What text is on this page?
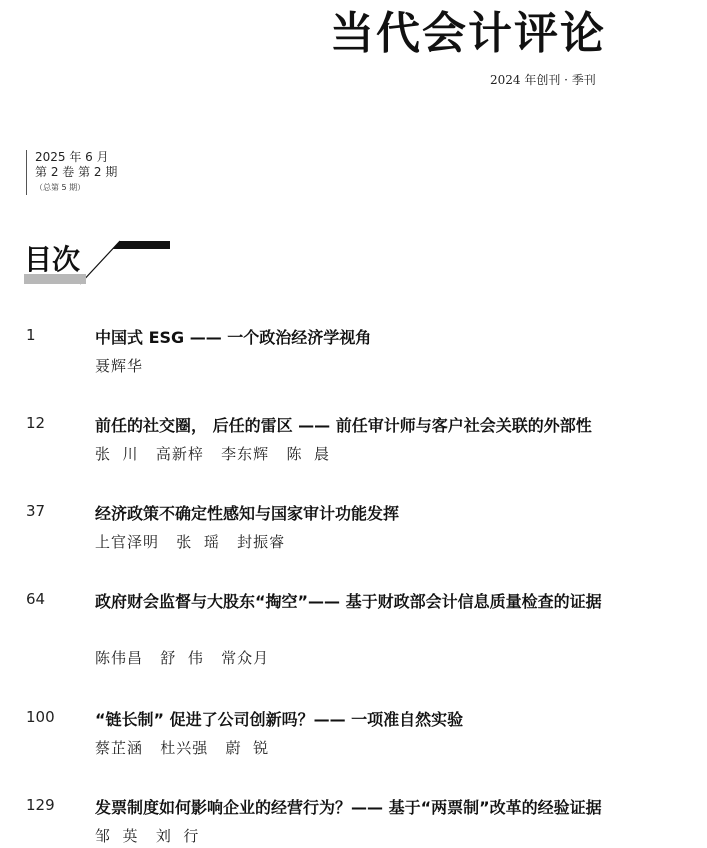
当代会计评论
2024 年创刊 · 季刊
2025 年 6 月
第 2 卷 第 2 期
（总第 5 期）
目次
1	中国式 ESG —— 一个政治经济学视角
聂辉华
12	前任的社交圈， 后任的雷区 —— 前任审计师与客户社会关联的外部性
张  川   高新梓   李东辉   陈  晨
37	经济政策不确定性感知与国家审计功能发挥
上官泽明   张  瑶   封振睿
64	政府财会监督与大股东“掏空”—— 基于财政部会计信息质量检查的证据
陈伟昌   舒  伟   常众月
100	“链长制” 促进了公司创新吗？—— 一项准自然实验
蔡芷涵   杜兴强   蔚  锐
129	发票制度如何影响企业的经营行为？—— 基于“两票制”改革的经验证据
邹  英   刘  行
